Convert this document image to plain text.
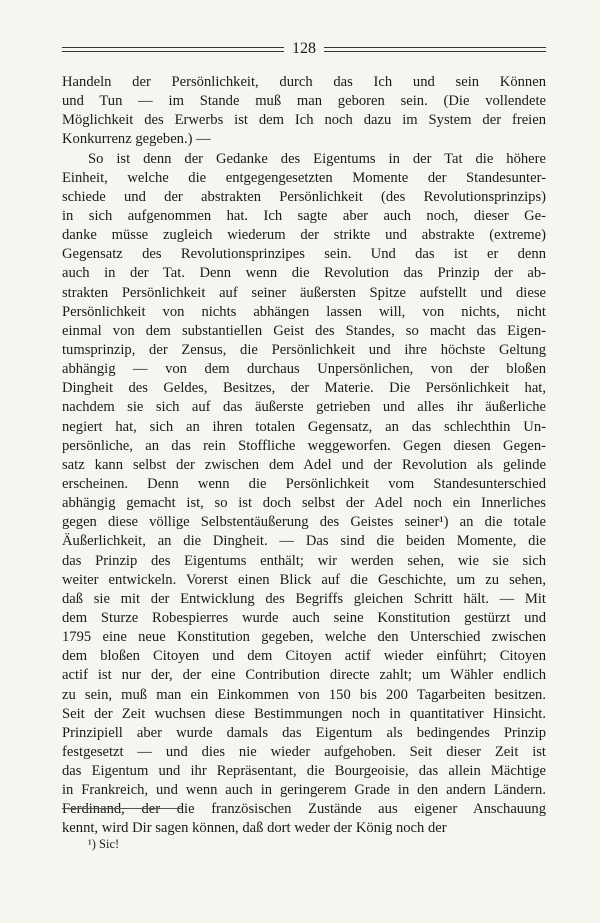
128
Handeln der Persönlichkeit, durch das Ich und sein Können
und Tun — im Stande muß man geboren sein. (Die vollendete
Möglichkeit des Erwerbs ist dem Ich noch dazu im System der freien
Konkurrenz gegeben.) —
So ist denn der Gedanke des Eigentums in der Tat die höhere
Einheit, welche die entgegengesetzten Momente der Standesunter-
schiede und der abstrakten Persönlichkeit (des Revolutionsprinzips)
in sich aufgenommen hat. Ich sagte aber auch noch, dieser Ge-
danke müsse zugleich wiederum der strikte und abstrakte (extreme)
Gegensatz des Revolutionsprinzipes sein. Und das ist er denn
auch in der Tat. Denn wenn die Revolution das Prinzip der ab-
strakten Persönlichkeit auf seiner äußersten Spitze aufstellt und diese
Persönlichkeit von nichts abhängen lassen will, von nichts, nicht
einmal von dem substantiellen Geist des Standes, so macht das Eigen-
tumsprinzip, der Zensus, die Persönlichkeit und ihre höchste Geltung
abhängig — von dem durchaus Unpersönlichen, von der bloßen
Dingheit des Geldes, Besitzes, der Materie. Die Persönlichkeit hat,
nachdem sie sich auf das äußerste getrieben und alles ihr äußerliche
negiert hat, sich an ihren totalen Gegensatz, an das schlechthin Un-
persönliche, an das rein Stoffliche weggeworfen. Gegen diesen Gegen-
satz kann selbst der zwischen dem Adel und der Revolution als gelinde
erscheinen. Denn wenn die Persönlichkeit vom Standesunterschied
abhängig gemacht ist, so ist doch selbst der Adel noch ein Innerliches
gegen diese völlige Selbstentäußerung des Geistes seiner¹) an die totale
Äußerlichkeit, an die Dingheit. — Das sind die beiden Momente, die
das Prinzip des Eigentums enthält; wir werden sehen, wie sie sich
weiter entwickeln. Vorerst einen Blick auf die Geschichte, um zu sehen,
daß sie mit der Entwicklung des Begriffs gleichen Schritt hält. — Mit
dem Sturze Robespierres wurde auch seine Konstitution gestürzt und
1795 eine neue Konstitution gegeben, welche den Unterschied zwischen
dem bloßen Citoyen und dem Citoyen actif wieder einführt; Citoyen
actif ist nur der, der eine Contribution directe zahlt; um Wähler endlich
zu sein, muß man ein Einkommen von 150 bis 200 Tagarbeiten besitzen.
Seit der Zeit wuchsen diese Bestimmungen noch in quantitativer Hinsicht.
Prinzipiell aber wurde damals das Eigentum als bedingendes Prinzip
festgesetzt — und dies nie wieder aufgehoben. Seit dieser Zeit ist
das Eigentum und ihr Repräsentant, die Bourgeoisie, das allein Mächtige
in Frankreich, und wenn auch in geringerem Grade in den andern Ländern.
Ferdinand, der die französischen Zustände aus eigener Anschauung
kennt, wird Dir sagen können, daß dort weder der König noch der
¹) Sic!
